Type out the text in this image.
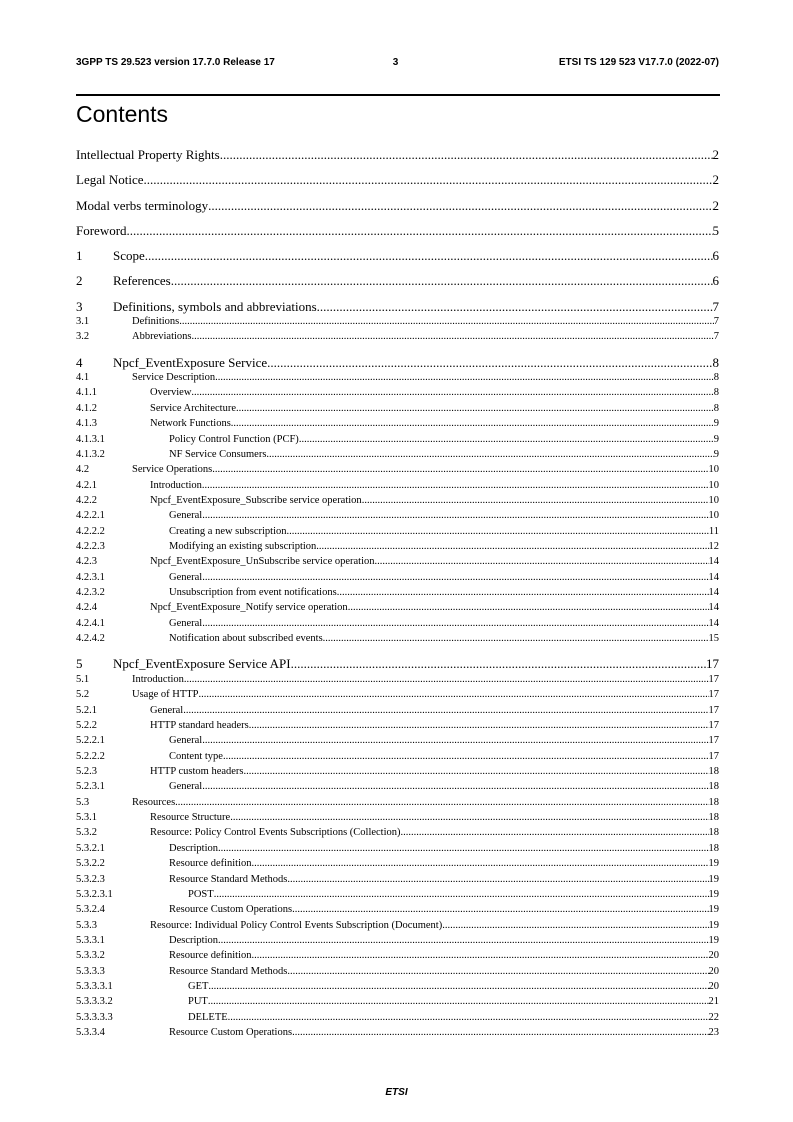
3GPP TS 29.523 version 17.7.0 Release 17	3	ETSI TS 129 523 V17.7.0 (2022-07)
Contents
Intellectual Property Rights .....	2
Legal Notice .....	2
Modal verbs terminology .....	2
Foreword .....	5
1	Scope .....	6
2	References .....	6
3	Definitions, symbols and abbreviations .....	7
3.1	Definitions .....	7
3.2	Abbreviations .....	7
4	Npcf_EventExposure Service .....	8
4.1	Service Description .....	8
4.1.1	Overview .....	8
4.1.2	Service Architecture .....	8
4.1.3	Network Functions .....	9
4.1.3.1	Policy Control Function (PCF) .....	9
4.1.3.2	NF Service Consumers .....	9
4.2	Service Operations .....	10
4.2.1	Introduction .....	10
4.2.2	Npcf_EventExposure_Subscribe service operation .....	10
4.2.2.1	General .....	10
4.2.2.2	Creating a new subscription .....	11
4.2.2.3	Modifying an existing subscription .....	12
4.2.3	Npcf_EventExposure_UnSubscribe service operation .....	14
4.2.3.1	General .....	14
4.2.3.2	Unsubscription from event notifications .....	14
4.2.4	Npcf_EventExposure_Notify service operation .....	14
4.2.4.1	General .....	14
4.2.4.2	Notification about subscribed events .....	15
5	Npcf_EventExposure Service API .....	17
5.1	Introduction .....	17
5.2	Usage of HTTP .....	17
5.2.1	General .....	17
5.2.2	HTTP standard headers .....	17
5.2.2.1	General .....	17
5.2.2.2	Content type .....	17
5.2.3	HTTP custom headers .....	18
5.2.3.1	General .....	18
5.3	Resources .....	18
5.3.1	Resource Structure .....	18
5.3.2	Resource: Policy Control Events Subscriptions (Collection) .....	18
5.3.2.1	Description .....	18
5.3.2.2	Resource definition .....	19
5.3.2.3	Resource Standard Methods .....	19
5.3.2.3.1	POST .....	19
5.3.2.4	Resource Custom Operations .....	19
5.3.3	Resource: Individual Policy Control Events Subscription (Document) .....	19
5.3.3.1	Description .....	19
5.3.3.2	Resource definition .....	20
5.3.3.3	Resource Standard Methods .....	20
5.3.3.3.1	GET .....	20
5.3.3.3.2	PUT .....	21
5.3.3.3.3	DELETE .....	22
5.3.3.4	Resource Custom Operations .....	23
ETSI
